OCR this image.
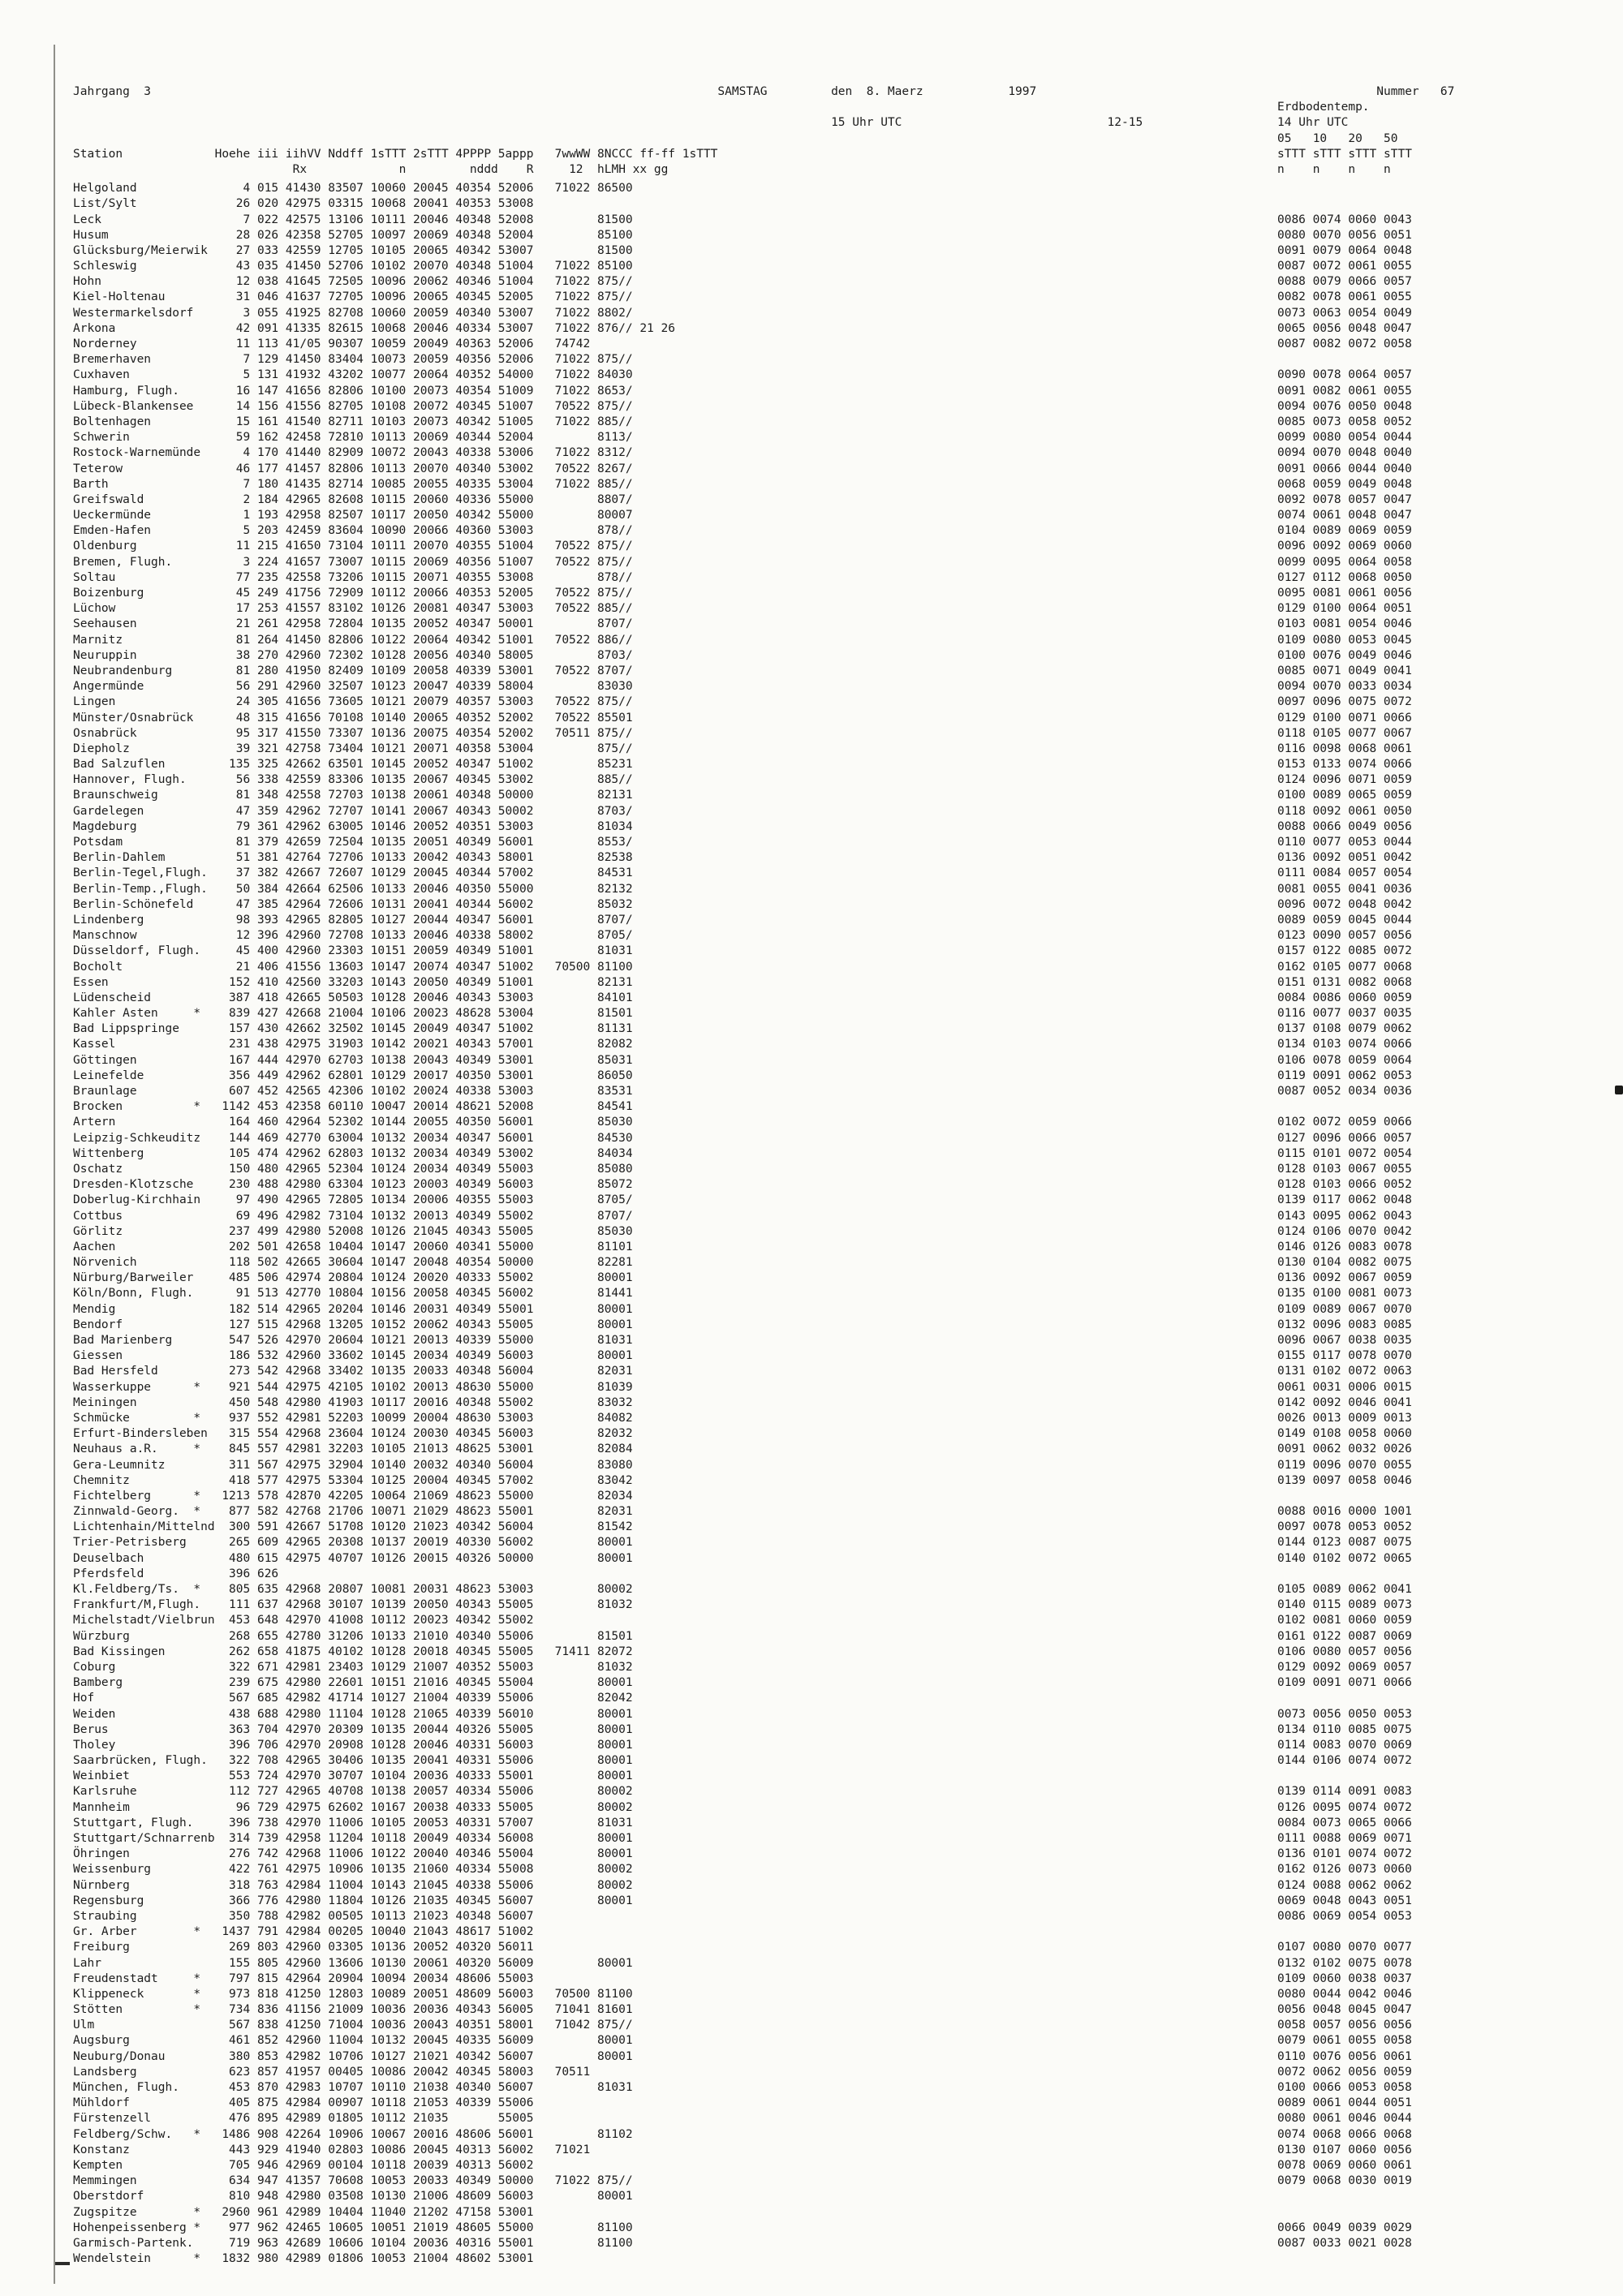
Jahrgang  3                                                                                SAMSTAG         den  8. Maerz            1997                                                Nummer   67
Erdbodentemp.
15 Uhr UTC                             12-15                   14 Uhr UTC
05   10   20   50
Station             Hoehe iii iihVV Nddff 1sTTT 2sTTT 4PPPP 5appp   7wwWW 8NCCC ff-ff 1sTTT                                                                               sTTT sTTT sTTT sTTT
Rx             n         nddd    R     12  hLMH xx gg                                                                                      n    n    n    n
Helgoland           4 015 41430 83507 10060 20045 40354 52006 71022 86500
List/Sylt          26 020 42975 03315 10068 20041 40353 53008
Leck                7 022 42575 13106 10111 20046 40348 52008      81500	0086 0074 0060 0043
Husum              28 026 42358 52705 10097 20069 40348 52004      85100	0080 0070 0056 0051
Glücksburg/Meierwik  27 033 42559 12705 10105 20065 40342 53007      81500	0091 0079 0064 0048
Schleswig          43 035 41450 52706 10102 20070 40348 51004 71022 85100	0087 0072 0061 0055
Hohn               12 038 41645 72505 10096 20062 40346 51004 71022 875//	0088 0079 0066 0057
Kiel-Holtenau      31 046 41637 72705 10096 20065 40345 52005 71022 875//	0082 0078 0061 0055
Westermarkelsdorf   3 055 41925 82708 10060 20059 40340 53007 71022 8802/	0073 0063 0054 0049
Arkona             42 091 41335 82615 10068 20046 40334 53007 71022 876// 21 26	0065 0056 0048 0047
Norderney          11 113 41/05 90307 10059 20049 40363 52006 74742	0087 0082 0072 0058
Bremerhaven         7 129 41450 83404 10073 20059 40356 52006 71022 875//
Cuxhaven            5 131 41932 43202 10077 20064 40352 54000 71022 84030	0090 0078 0064 0057
Hamburg, Flugh.    16 147 41656 82806 10100 20073 40354 51009 71022 8653/	0091 0082 0061 0055
Lübeck-Blankensee  14 156 41556 82705 10108 20072 40345 51007 70522 875//	0094 0076 0050 0048
Boltenhagen        15 161 41540 82711 10103 20073 40342 51005 71022 885//	0085 0073 0058 0052
Schwerin           59 162 42458 72810 10113 20069 40344 52004      8113/	0099 0080 0054 0044
Rostock-Warnemünde   4 170 41440 82909 10072 20043 40338 53006 71022 8312/	0094 0070 0048 0040
Teterow            46 177 41457 82806 10113 20070 40340 53002 70522 8267/	0091 0066 0044 0040
Barth               7 180 41435 82714 10085 20055 40335 53004 71022 885//	0068 0059 0049 0048
Greifswald          2 184 42965 82608 10115 20060 40336 55000      8807/	0092 0078 0057 0047
Ueckermünde         1 193 42958 82507 10117 20050 40342 55000      80007	0074 0061 0048 0047
Emden-Hafen         5 203 42459 83604 10090 20066 40360 53003      878//	0104 0089 0069 0059
Oldenburg          11 215 41650 73104 10111 20070 40355 51004 70522 875//	0096 0092 0069 0060
Bremen, Flugh.      3 224 41657 73007 10115 20069 40356 51007 70522 875//	0099 0095 0064 0058
Soltau             77 235 42558 73206 10115 20071 40355 53008      878//	0127 0112 0068 0050
Boizenburg         45 249 41756 72909 10112 20066 40353 52005 70522 875//	0095 0081 0061 0056
Lüchow             17 253 41557 83102 10126 20081 40347 53003 70522 885//	0129 0100 0064 0051
Seehausen          21 261 42958 72804 10135 20052 40347 50001      8707/	0103 0081 0054 0046
Marnitz            81 264 41450 82806 10122 20064 40342 51001 70522 886//	0109 0080 0053 0045
Neuruppin          38 270 42960 72302 10128 20056 40340 58005      8703/	0100 0076 0049 0046
Neubrandenburg     81 280 41950 82409 10109 20058 40339 53001 70522 8707/	0085 0071 0049 0041
Angermünde         56 291 42960 32507 10123 20047 40339 58004      83030	0094 0070 0033 0034
Lingen             24 305 41656 73605 10121 20079 40357 53003 70522 875//	0097 0096 0075 0072
Münster/Osnabrück  48 315 41656 70108 10140 20065 40352 52002 70522 85501	0129 0100 0071 0066
Osnabrück          95 317 41550 73307 10136 20075 40354 52002 70511 875//	0118 0105 0077 0067
Diepholz           39 321 42758 73404 10121 20071 40358 53004      875//	0116 0098 0068 0061
Bad Salzuflen     135 325 42662 63501 10145 20052 40347 51002      85231	0153 0133 0074 0066
Hannover, Flugh.   56 338 42559 83306 10135 20067 40345 53002      885//	0124 0096 0071 0059
Braunschweig       81 348 42558 72703 10138 20061 40348 50000      82131	0100 0089 0065 0059
Gardelegen         47 359 42962 72707 10141 20067 40343 50002      8703/	0118 0092 0061 0050
Magdeburg          79 361 42962 63005 10146 20052 40351 53003      81034	0088 0066 0049 0056
Potsdam            81 379 42659 72504 10135 20051 40349 56001      8553/	0110 0077 0053 0044
Berlin-Dahlem      51 381 42764 72706 10133 20042 40343 58001      82538	0136 0092 0051 0042
Berlin-Tegel,Flugh.  37 382 42667 72607 10129 20045 40344 57002      84531	0111 0084 0057 0054
Berlin-Temp.,Flugh.  50 384 42664 62506 10133 20046 40350 55000      82132	0081 0055 0041 0036
Berlin-Schönefeld  47 385 42964 72606 10131 20041 40344 56002      85032	0096 0072 0048 0042
Lindenberg         98 393 42965 82805 10127 20044 40347 56001      8707/	0089 0059 0045 0044
Manschnow          12 396 42960 72708 10133 20046 40338 58002      8705/	0123 0090 0057 0056
Düsseldorf, Flugh.  45 400 42960 23303 10151 20059 40349 51001      81031	0157 0122 0085 0072
Bocholt            21 406 41556 13603 10147 20074 40347 51002 70500 81100	0162 0105 0077 0068
Essen             152 410 42560 33203 10143 20050 40349 51001      82131	0151 0131 0082 0068
Lüdenscheid       387 418 42665 50503 10128 20046 40343 53003      84101	0084 0086 0060 0059
Kahler Asten     * 839 427 42668 21004 10106 20023 48628 53004      81501	0116 0077 0037 0035
Bad Lippspringe   157 430 42662 32502 10145 20049 40347 51002      81131	0137 0108 0079 0062
Kassel            231 438 42975 31903 10142 20021 40343 57001      82082	0134 0103 0074 0066
Göttingen         167 444 42970 62703 10138 20043 40349 53001      85031	0106 0078 0059 0064
Leinefelde        356 449 42962 62801 10129 20017 40350 53001      86050	0119 0091 0062 0053
Braunlage         607 452 42565 42306 10102 20024 40338 53003      83531	0087 0052 0034 0036
Brocken          * 1142 453 42358 60110 10047 20014 48621 52008      84541
Artern            164 460 42964 52302 10144 20055 40350 56001      85030	0102 0072 0059 0066
Leipzig-Schkeuditz 144 469 42770 63004 10132 20034 40347 56001      84530	0127 0096 0066 0057
Wittenberg        105 474 42962 62803 10132 20034 40349 53002      84034	0115 0101 0072 0054
Oschatz           150 480 42965 52304 10124 20034 40349 55003      85080	0128 0103 0067 0055
Dresden-Klotzsche 230 488 42980 63304 10123 20003 40349 56003      85072	0128 0103 0066 0052
Doberlug-Kirchhain  97 490 42965 72805 10134 20006 40355 55003      8705/	0139 0117 0062 0048
Cottbus            69 496 42982 73104 10132 20013 40349 55002      8707/	0143 0095 0062 0043
Görlitz           237 499 42980 52008 10126 21045 40343 55005      85030	0124 0106 0070 0042
Aachen            202 501 42658 10404 10147 20060 40341 55000      81101	0146 0126 0083 0078
Nörvenich         118 502 42665 30604 10147 20048 40354 50000      82281	0130 0104 0082 0075
Nürburg/Barweiler 485 506 42974 20804 10124 20020 40333 55002      80001	0136 0092 0067 0059
Köln/Bonn, Flugh.  91 513 42770 10804 10156 20058 40345 56002      81441	0135 0100 0081 0073
Mendig            182 514 42965 20204 10146 20031 40349 55001      80001	0109 0089 0067 0070
Bendorf           127 515 42968 13205 10152 20062 40343 55005      80001	0132 0096 0083 0085
Bad Marienberg    547 526 42970 20604 10121 20013 40339 55000      81031	0096 0067 0038 0035
Giessen           186 532 42960 33602 10145 20034 40349 56003      80001	0155 0117 0078 0070
Bad Hersfeld      273 542 42968 33402 10135 20033 40348 56004      82031	0131 0102 0072 0063
Wasserkuppe      * 921 544 42975 42105 10102 20013 48630 55000      81039	0061 0031 0006 0015
Meiningen         450 548 42980 41903 10117 20016 40348 55002      83032	0142 0092 0046 0041
Schmücke         * 937 552 42981 52203 10099 20004 48630 53003      84082	0026 0013 0009 0013
Erfurt-Bindersleben 315 554 42968 23604 10124 20030 40345 56003      82032	0149 0108 0058 0060
Neuhaus a.R.     * 845 557 42981 32203 10105 21013 48625 53001      82084	0091 0062 0032 0026
Gera-Leumnitz     311 567 42975 32904 10140 20032 40340 56004      83080	0119 0096 0070 0055
Chemnitz          418 577 42975 53304 10125 20004 40345 57002      83042	0139 0097 0058 0046
Fichtelberg      * 1213 578 42870 42205 10064 21069 48623 55000      82034
Zinnwald-Georg.  * 877 582 42768 21706 10071 21029 48623 55001      82031	0088 0016 0000 1001
Lichtenhain/Mittelnd 300 591 42667 51708 10120 21023 40342 56004      81542	0097 0078 0053 0052
Trier-Petrisberg  265 609 42965 20308 10137 20019 40330 56002      80001	0144 0123 0087 0075
Deuselbach        480 615 42975 40707 10126 20015 40326 50000      80001	0140 0102 0072 0065
Pferdsfeld        396 626
Kl.Feldberg/Ts.  * 805 635 42968 20807 10081 20031 48623 53003      80002	0105 0089 0062 0041
Frankfurt/M,Flugh. 111 637 42968 30107 10139 20050 40343 55005      81032	0140 0115 0089 0073
Michelstadt/Vielbrun 453 648 42970 41008 10112 20023 40342 55002	0102 0081 0060 0059
Würzburg          268 655 42780 31206 10133 21010 40340 55006      81501	0161 0122 0087 0069
Bad Kissingen     262 658 41875 40102 10128 20018 40345 55005 71411 82072	0106 0080 0057 0056
Coburg            322 671 42981 23403 10129 21007 40352 55003      81032	0129 0092 0069 0057
Bamberg           239 675 42980 22601 10151 21016 40345 55004      80001	0109 0091 0071 0066
Hof               567 685 42982 41714 10127 21004 40339 55006      82042
Weiden            438 688 42980 11104 10128 21065 40339 56010      80001	0073 0056 0050 0053
Berus             363 704 42970 20309 10135 20044 40326 55005      80001	0134 0110 0085 0075
Tholey            396 706 42970 20908 10128 20046 40331 56003      80001	0114 0083 0070 0069
Saarbrücken, Flugh. 322 708 42965 30406 10135 20041 40331 55006      80001	0144 0106 0074 0072
Weinbiet          553 724 42970 30707 10104 20036 40333 55001      80001
Karlsruhe         112 727 42965 40708 10138 20057 40334 55006      80002	0139 0114 0091 0083
Mannheim           96 729 42975 62602 10167 20038 40333 55005      80002	0126 0095 0074 0072
Stuttgart, Flugh. 396 738 42970 11006 10105 20053 40331 57007      81031	0084 0073 0065 0066
Stuttgart/Schnarrenb 314 739 42958 11204 10118 20049 40334 56008      80001	0111 0088 0069 0071
Öhringen          276 742 42968 11006 10122 20040 40346 55004      80001	0136 0101 0074 0072
Weissenburg       422 761 42975 10906 10135 21060 40334 55008      80002	0162 0126 0073 0060
Nürnberg          318 763 42984 11004 10143 21045 40338 55006      80002	0124 0088 0062 0062
Regensburg        366 776 42980 11804 10126 21035 40345 56007      80001	0069 0048 0043 0051
Straubing         350 788 42982 00505 10113 21023 40348 56007	0086 0069 0054 0053
Gr. Arber        * 1437 791 42984 00205 10040 21043 48617 51002
Freiburg          269 803 42960 03305 10136 20052 40320 56011	0107 0080 0070 0077
Lahr              155 805 42960 13606 10130 20061 40320 56009      80001	0132 0102 0075 0078
Freudenstadt     * 797 815 42964 20904 10094 20034 48606 55003	0109 0060 0038 0037
Klippeneck       * 973 818 41250 12803 10089 20051 48609 56003 70500 81100	0080 0044 0042 0046
Stötten          * 734 836 41156 21009 10036 20036 40343 56005 71041 81601	0056 0048 0045 0047
Ulm               567 838 41250 71004 10036 20043 40351 58001 71042 875//	0058 0057 0056 0056
Augsburg          461 852 42960 11004 10132 20045 40335 56009      80001	0079 0061 0055 0058
Neuburg/Donau     380 853 42982 10706 10127 21021 40342 56007      80001	0110 0076 0056 0061
Landsberg         623 857 41957 00405 10086 20042 40345 58003 70511	0072 0062 0056 0059
München, Flugh.   453 870 42983 10707 10110 21038 40340 56007      81031	0100 0066 0053 0058
Mühldorf          405 875 42984 00907 10118 21053 40339 55006	0089 0061 0044 0051
Fürstenzell       476 895 42989 01805 10112 21035       55005	0080 0061 0046 0044
Feldberg/Schw.   * 1486 908 42264 10906 10067 20016 48606 56001      81102	0074 0068 0066 0068
Konstanz          443 929 41940 02803 10086 20045 40313 56002 71021	0130 0107 0060 0056
Kempten           705 946 42969 00104 10118 20039 40313 56002	0078 0069 0060 0061
Memmingen         634 947 41357 70608 10053 20033 40349 50000 71022 875//	0079 0068 0030 0019
Oberstdorf        810 948 42980 03508 10130 21006 48609 56003      80001
Zugspitze        * 2960 961 42989 10404 11040 21202 47158 53001
Hohenpeissenberg * 977 962 42465 10605 10051 21019 48605 55000      81100	0066 0049 0039 0029
Garmisch-Partenk. 719 963 42689 10606 10104 20036 40316 55001      81100	0087 0033 0021 0028
Wendelstein      * 1832 980 42989 01806 10053 21004 48602 53001
